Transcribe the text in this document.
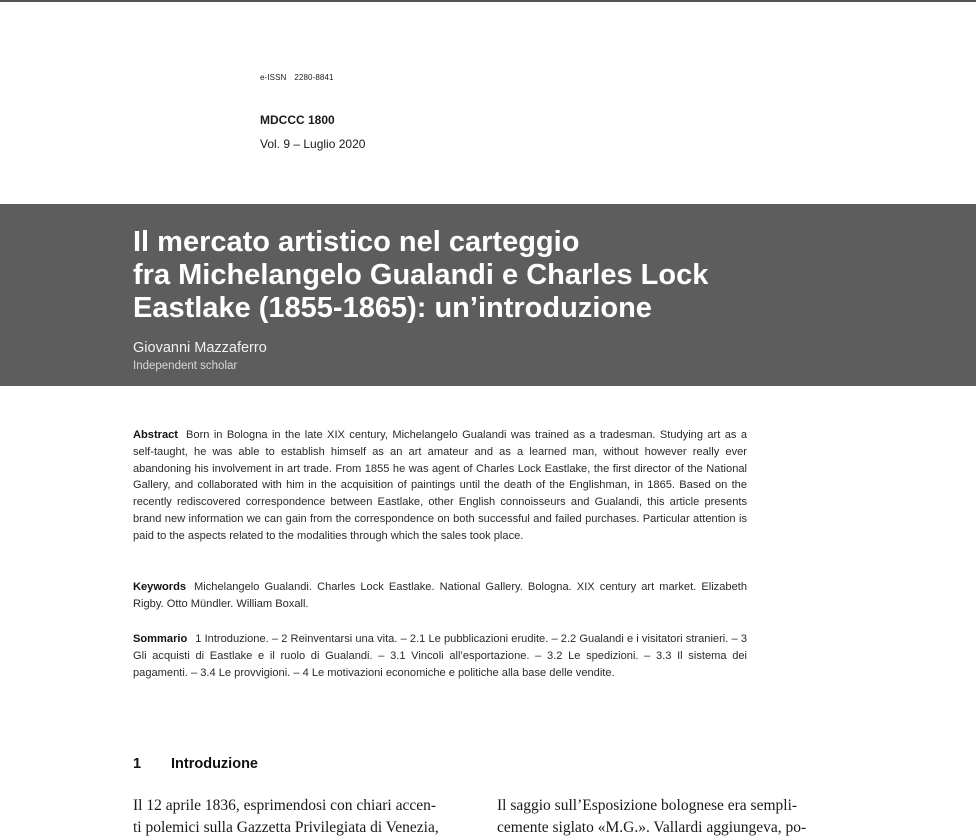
e-ISSN 2280-8841
MDCCC 1800
Vol. 9 – Luglio 2020
Il mercato artistico nel carteggio
fra Michelangelo Gualandi e Charles Lock
Eastlake (1855-1865): un’introduzione
Giovanni Mazzaferro
Independent scholar
Abstract Born in Bologna in the late XIX century, Michelangelo Gualandi was trained as a tradesman. Studying art as a self-taught, he was able to establish himself as an art amateur and as a learned man, without however really ever abandoning his involvement in art trade. From 1855 he was agent of Charles Lock Eastlake, the first director of the National Gallery, and collaborated with him in the acquisition of paintings until the death of the Englishman, in 1865. Based on the recently rediscovered correspondence between Eastlake, other English connoisseurs and Gualandi, this article presents brand new information we can gain from the correspondence on both successful and failed purchases. Particular attention is paid to the aspects related to the modalities through which the sales took place.
Keywords Michelangelo Gualandi. Charles Lock Eastlake. National Gallery. Bologna. XIX century art market. Elizabeth Rigby. Otto Mündler. William Boxall.
Sommario 1 Introduzione. – 2 Reinventarsi una vita. – 2.1 Le pubblicazioni erudite. – 2.2 Gualandi e i visitatori stranieri. – 3 Gli acquisti di Eastlake e il ruolo di Gualandi. – 3.1 Vincoli all’esportazione. – 3.2 Le spedizioni. – 3.3 Il sistema dei pagamenti. – 3.4 Le provvigioni. – 4 Le motivazioni economiche e politiche alla base delle vendite.
1 Introduzione
Il 12 aprile 1836, esprimendosi con chiari accen-
ti polemici sulla Gazzetta Privilegiata di Venezia,
Il saggio sull’Esposizione bolognese era sempli-
cemente siglato «M.G.». Vallardi aggiungeva, po-
